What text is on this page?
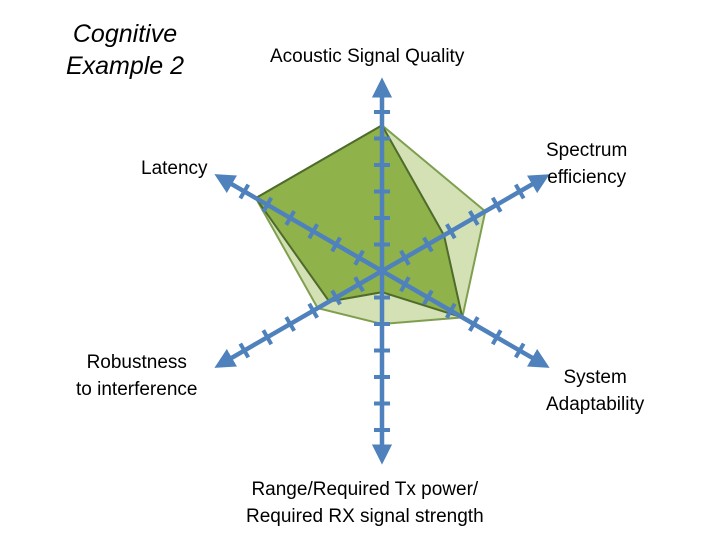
Cognitive
Example 2	Acoustic Signal Quality
Spectrum
efficiency
System
Adaptability
Range/Required Tx power/
Required RX signal strength
Robustness
to interference
Latency
